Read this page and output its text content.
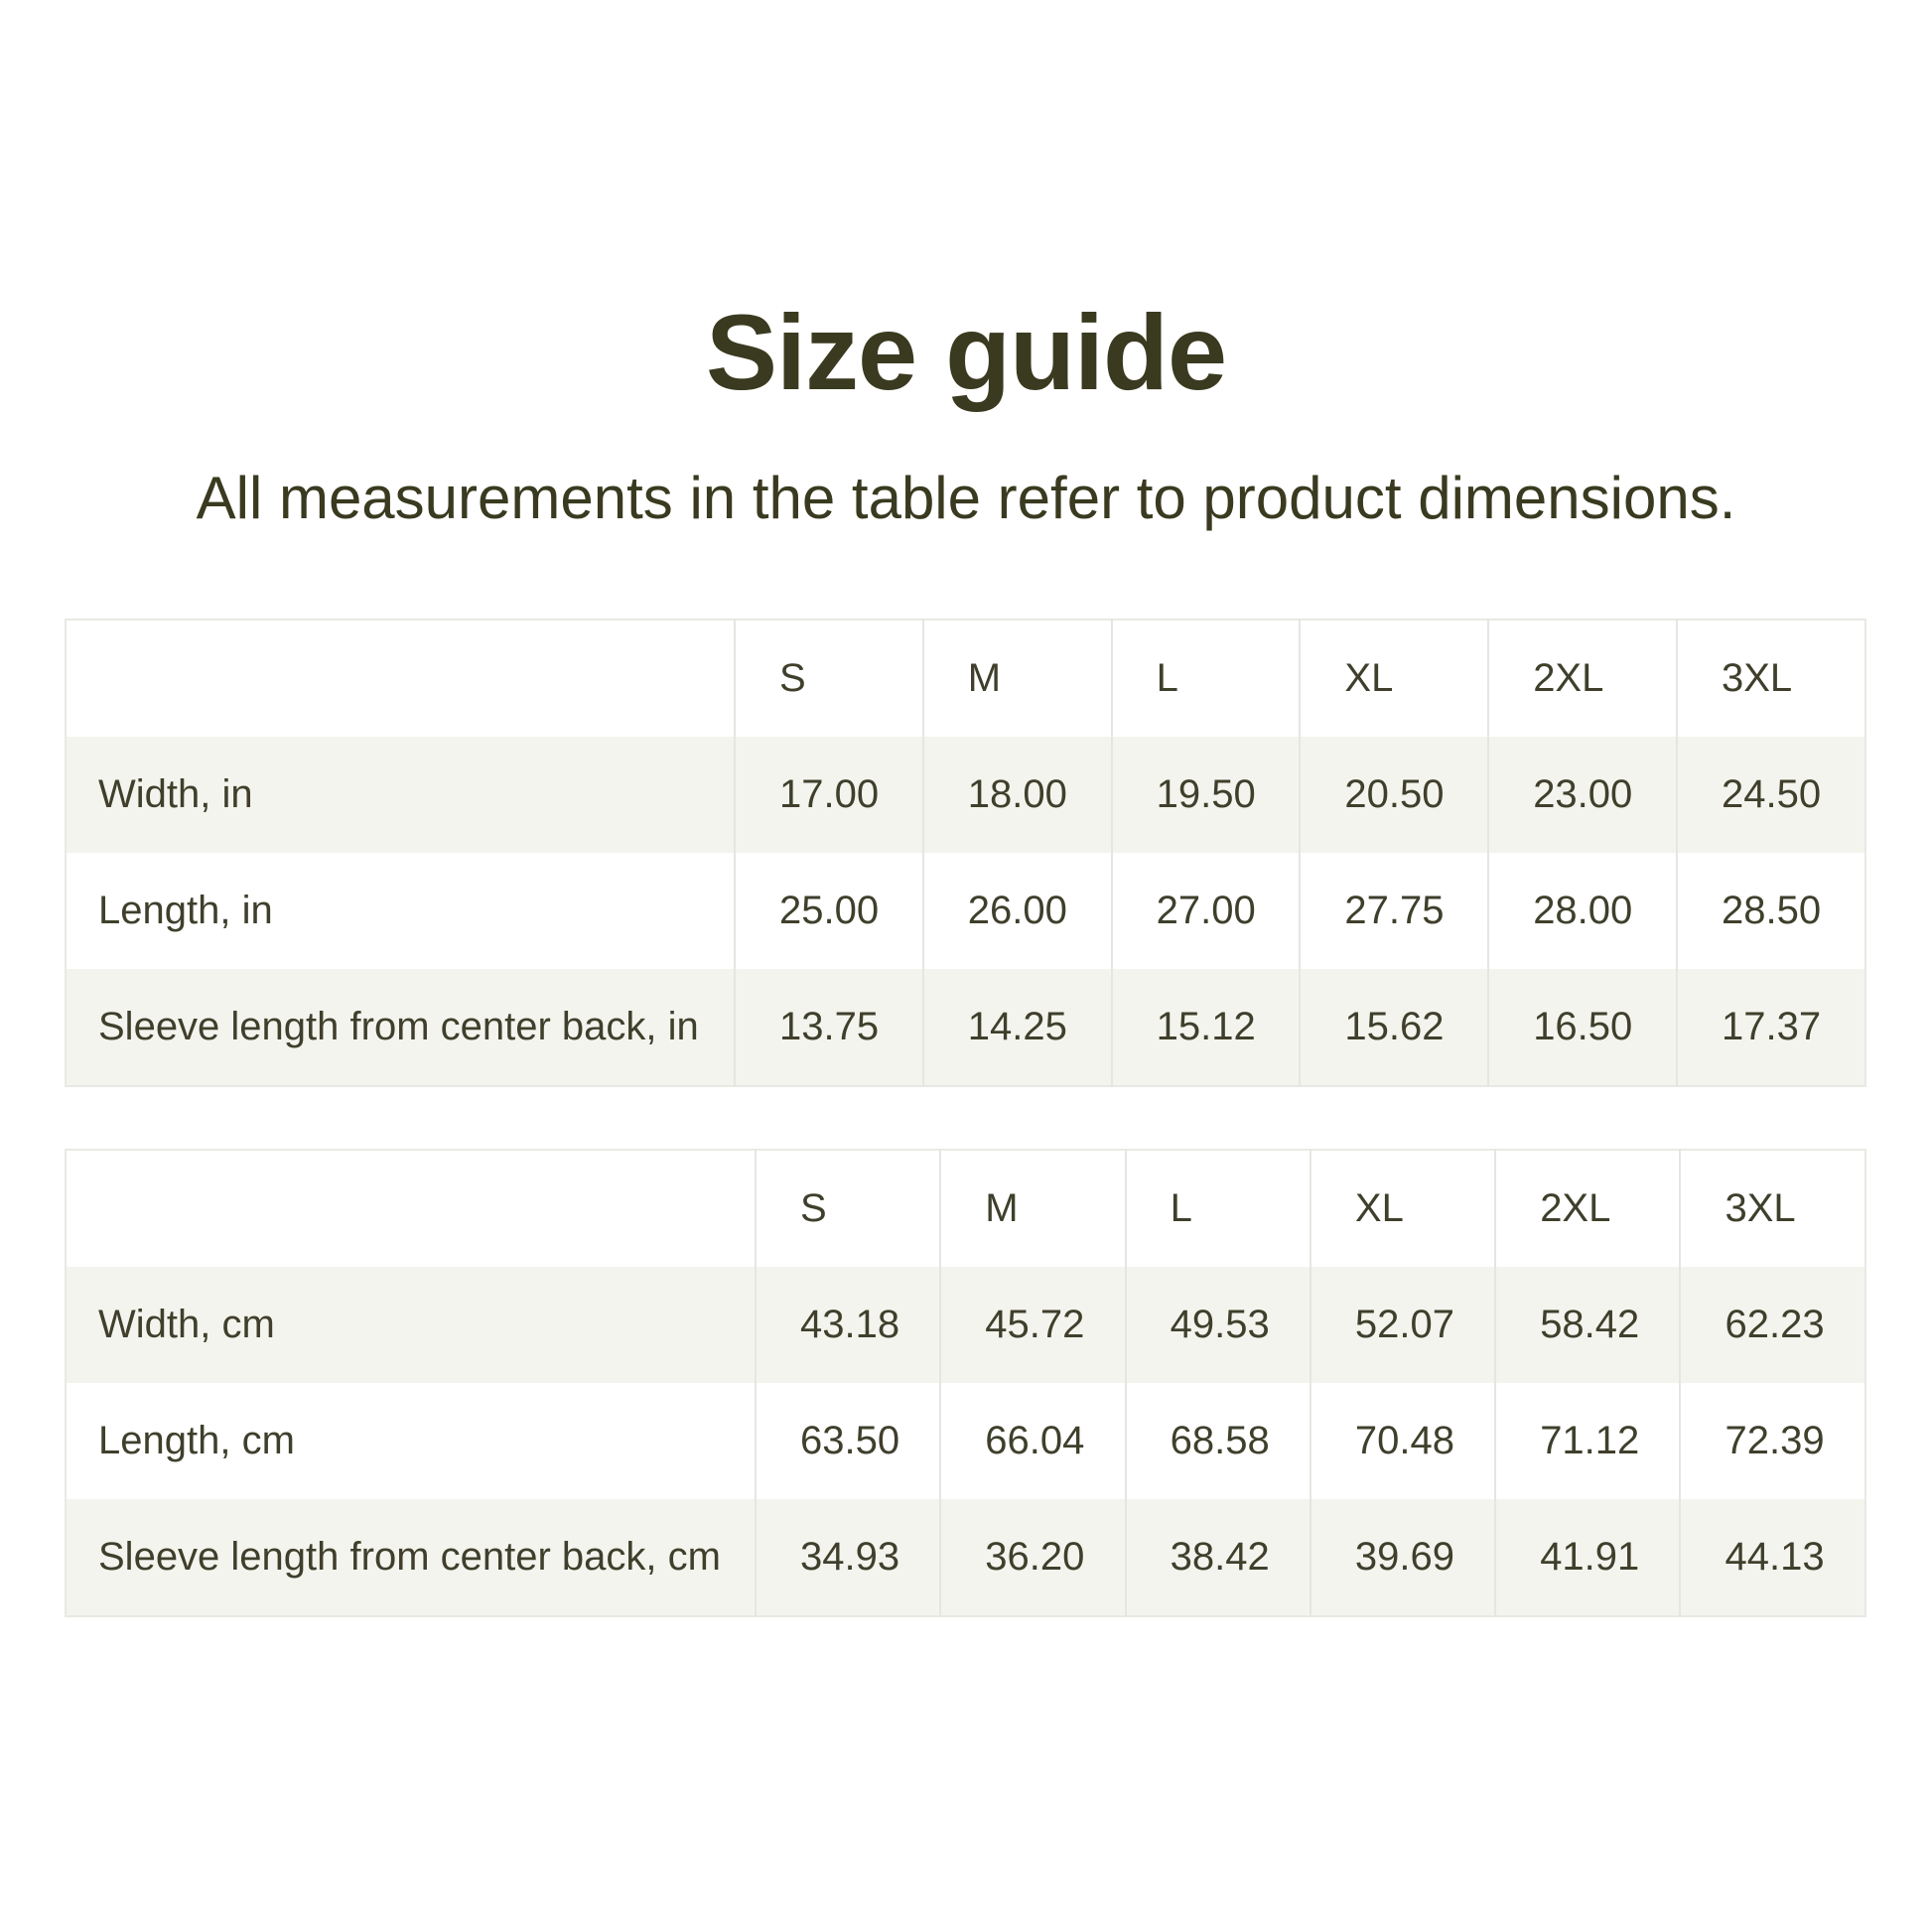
Size guide
All measurements in the table refer to product dimensions.
	S	M	L	XL	2XL	3XL
Width, in	17.00	18.00	19.50	20.50	23.00	24.50
Length, in	25.00	26.00	27.00	27.75	28.00	28.50
Sleeve length from center back, in	13.75	14.25	15.12	15.62	16.50	17.37
	S	M	L	XL	2XL	3XL
Width, cm	43.18	45.72	49.53	52.07	58.42	62.23
Length, cm	63.50	66.04	68.58	70.48	71.12	72.39
Sleeve length from center back, cm	34.93	36.20	38.42	39.69	41.91	44.13
